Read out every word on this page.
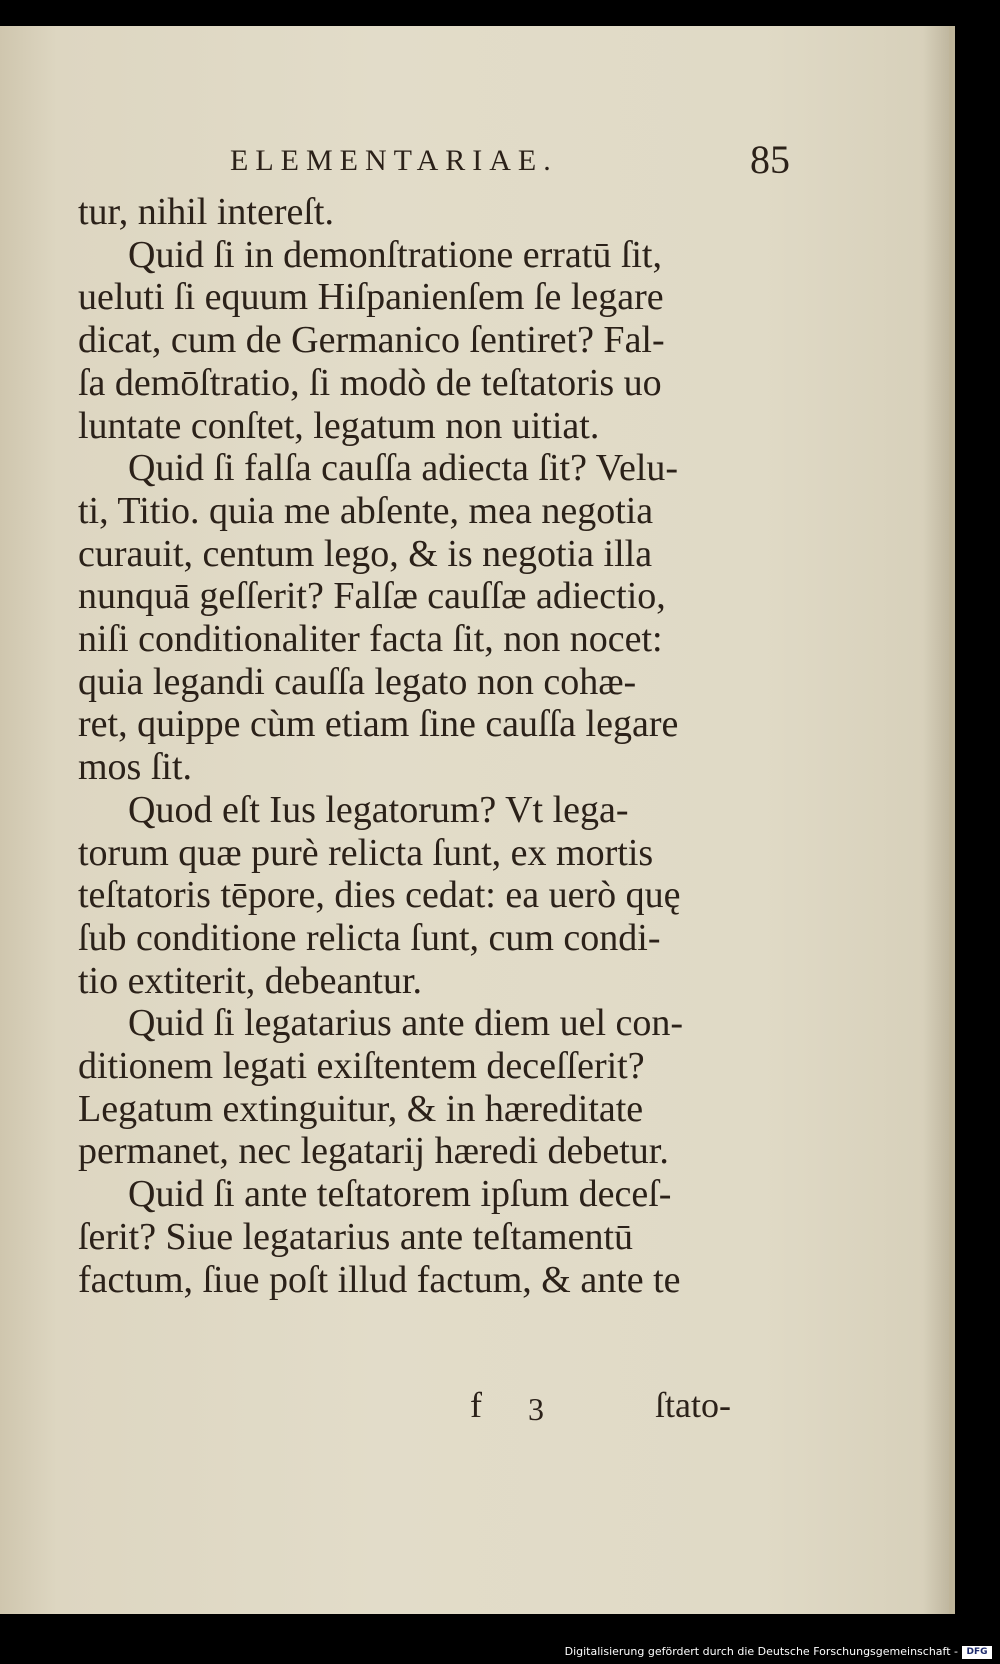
ELEMENTARIAE.	85
tur, nihil intereſt.
Quid ſi in demonſtratione erratū ſit,
ueluti ſi equum Hiſpanienſem ſe legare
dicat, cum de Germanico ſentiret? Fal-
ſa demōſtratio, ſi modò de teſtatoris uo
luntate conſtet, legatum non uitiat.
Quid ſi falſa cauſſa adiecta ſit? Velu-
ti, Titio. quia me abſente, mea negotia
curauit, centum lego, & is negotia illa
nunquā geſſerit? Falſæ cauſſæ adiectio,
niſi conditionaliter facta ſit, non nocet:
quia legandi cauſſa legato non cohæ-
ret, quippe cùm etiam ſine cauſſa legare
mos ſit.
Quod eſt Ius legatorum? Vt lega-
torum quæ purè relicta ſunt, ex mortis
teſtatoris tēpore, dies cedat: ea uerò quę
ſub conditione relicta ſunt, cum condi-
tio extiterit, debeantur.
Quid ſi legatarius ante diem uel con-
ditionem legati exiſtentem deceſſerit?
Legatum extinguitur, & in hæreditate
permanet, nec legatarij hæredi debetur.
Quid ſi ante teſtatorem ipſum deceſ-
ſerit? Siue legatarius ante teſtamentū
factum, ſiue poſt illud factum, & ante te
f 3	ſtato-
Digitalisierung gefördert durch die Deutsche Forschungsgemeinschaft - DFG
